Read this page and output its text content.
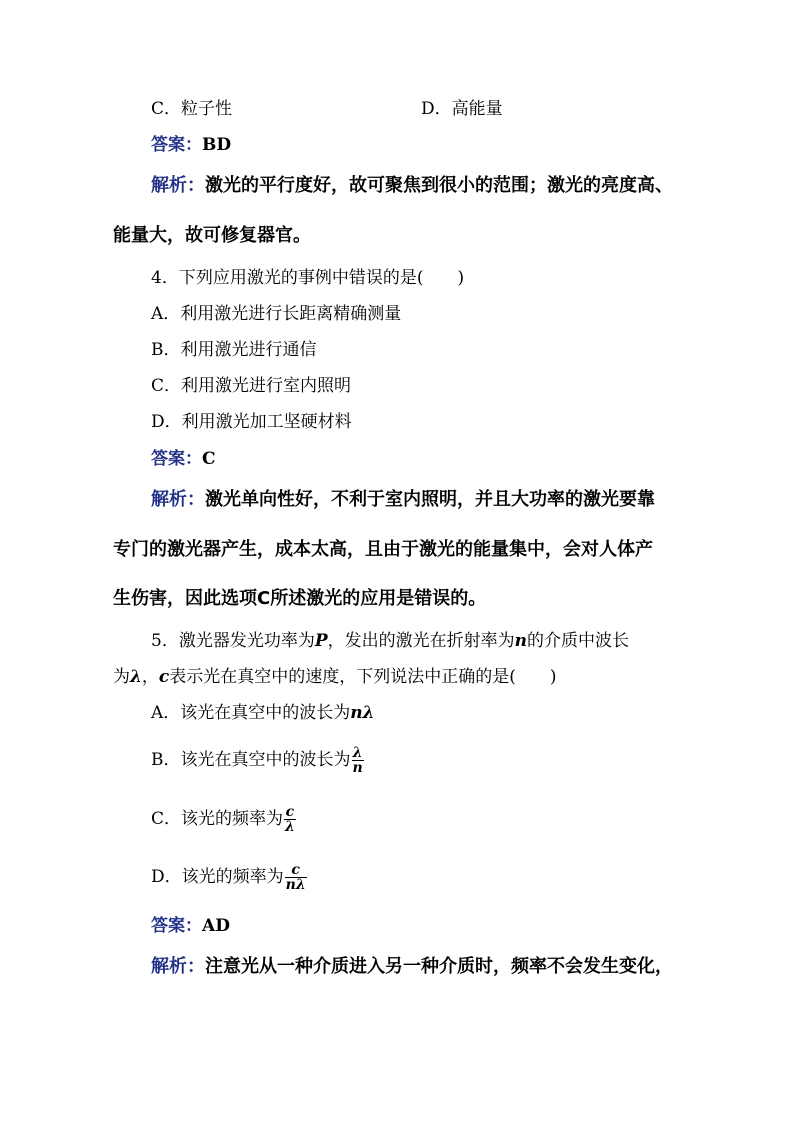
C．粒子性	D．高能量
答案：BD
解析：激光的平行度好，故可聚焦到很小的范围；激光的亮度高、
能量大，故可修复器官。
4．下列应用激光的事例中错误的是(　　)
A．利用激光进行长距离精确测量
B．利用激光进行通信
C．利用激光进行室内照明
D．利用激光加工坚硬材料
答案：C
解析：激光单向性好，不利于室内照明，并且大功率的激光要靠
专门的激光器产生，成本太高，且由于激光的能量集中，会对人体产
生伤害，因此选项C所述激光的应用是错误的。
5．激光器发光功率为P，发出的激光在折射率为n的介质中波长
为λ，c表示光在真空中的速度，下列说法中正确的是(　　)
A．该光在真空中的波长为nλ
B．该光在真空中的波长为 $\frac{\lambda}{n}$
C．该光的频率为 $\frac{c}{\lambda}$
D．该光的频率为 $\frac{c}{n\lambda}$
答案：AD
解析：注意光从一种介质进入另一种介质时，频率不会发生变化，
